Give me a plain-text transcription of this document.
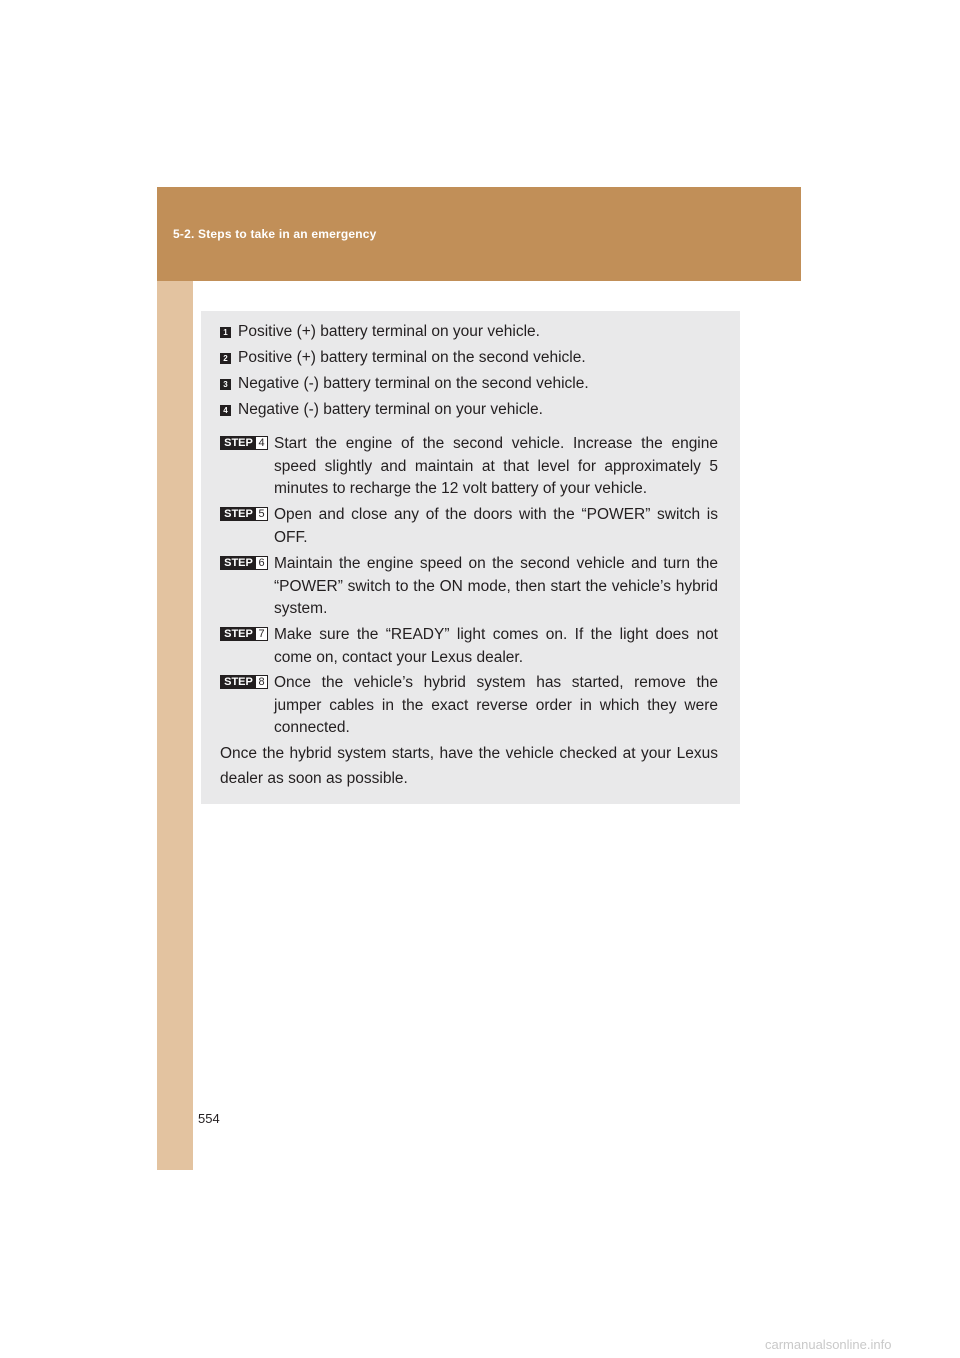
5-2. Steps to take in an emergency
1 Positive (+) battery terminal on your vehicle.
2 Positive (+) battery terminal on the second vehicle.
3 Negative (-) battery terminal on the second vehicle.
4 Negative (-) battery terminal on your vehicle.
STEP 4 Start the engine of the second vehicle. Increase the engine speed slightly and maintain at that level for approximately 5 minutes to recharge the 12 volt battery of your vehicle.
STEP 5 Open and close any of the doors with the “POWER” switch is OFF.
STEP 6 Maintain the engine speed on the second vehicle and turn the “POWER” switch to the ON mode, then start the vehicle’s hybrid system.
STEP 7 Make sure the “READY” light comes on. If the light does not come on, contact your Lexus dealer.
STEP 8 Once the vehicle’s hybrid system has started, remove the jumper cables in the exact reverse order in which they were connected.
Once the hybrid system starts, have the vehicle checked at your Lexus dealer as soon as possible.
554
carmanualsonline.info
